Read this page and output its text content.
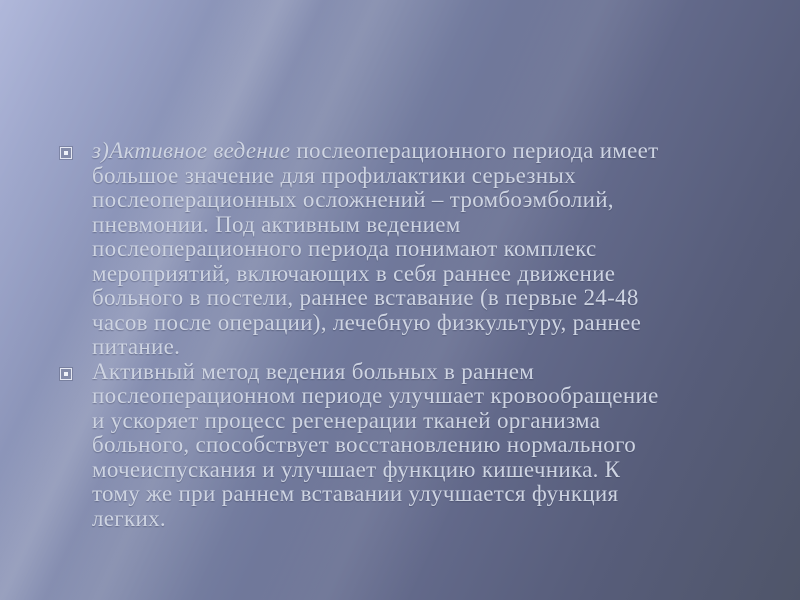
з)Активное ведение послеоперационного периода имеет
большое значение для профилактики серьезных
послеоперационных осложнений – тромбоэмболий,
пневмонии. Под активным ведением
послеоперационного периода понимают комплекс
мероприятий, включающих в себя раннее движение
больного в постели, раннее вставание (в первые 24-48
часов после операции), лечебную физкультуру, раннее
питание.
Активный метод ведения больных в раннем
послеоперационном периоде улучшает кровообращение
и ускоряет процесс регенерации тканей организма
больного, способствует восстановлению нормального
мочеиспускания и улучшает функцию кишечника. К
тому же при раннем вставании улучшается функция
легких.
